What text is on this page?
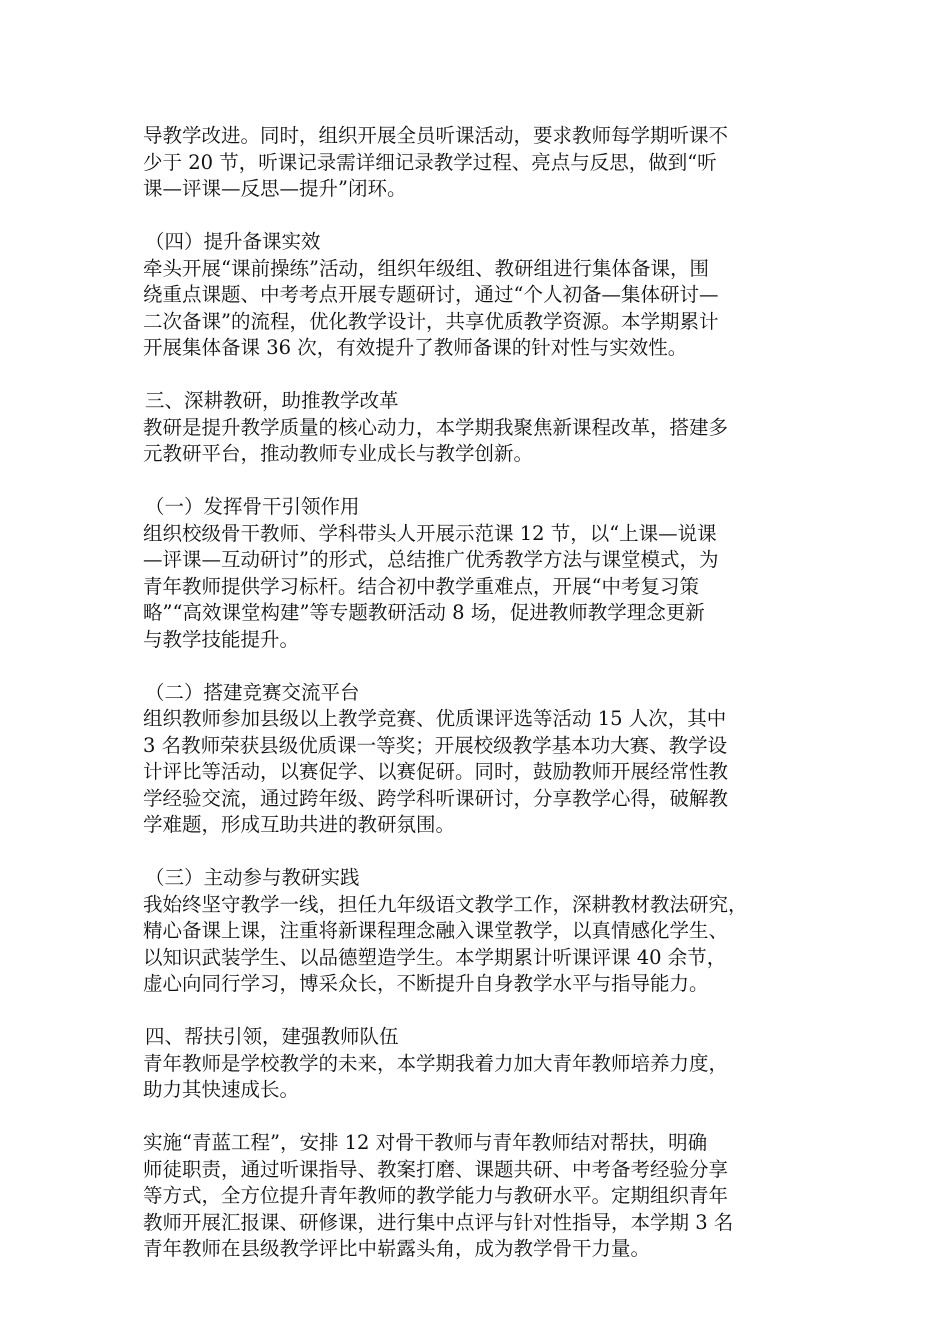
导教学改进。同时，组织开展全员听课活动，要求教师每学期听课不
少于 20 节，听课记录需详细记录教学过程、亮点与反思，做到“听
课—评课—反思—提升”闭环。
（四）提升备课实效
牵头开展“课前操练”活动，组织年级组、教研组进行集体备课，围
绕重点课题、中考考点开展专题研讨，通过“个人初备—集体研讨—
二次备课”的流程，优化教学设计，共享优质教学资源。本学期累计
开展集体备课 36 次，有效提升了教师备课的针对性与实效性。
三、深耕教研，助推教学改革
教研是提升教学质量的核心动力，本学期我聚焦新课程改革，搭建多
元教研平台，推动教师专业成长与教学创新。
（一）发挥骨干引领作用
组织校级骨干教师、学科带头人开展示范课 12 节，以“上课—说课
—评课—互动研讨”的形式，总结推广优秀教学方法与课堂模式，为
青年教师提供学习标杆。结合初中教学重难点，开展“中考复习策
略”“高效课堂构建”等专题教研活动 8 场，促进教师教学理念更新
与教学技能提升。
（二）搭建竞赛交流平台
组织教师参加县级以上教学竞赛、优质课评选等活动 15 人次，其中
3 名教师荣获县级优质课一等奖；开展校级教学基本功大赛、教学设
计评比等活动，以赛促学、以赛促研。同时，鼓励教师开展经常性教
学经验交流，通过跨年级、跨学科听课研讨，分享教学心得，破解教
学难题，形成互助共进的教研氛围。
（三）主动参与教研实践
我始终坚守教学一线，担任九年级语文教学工作，深耕教材教法研究，
精心备课上课，注重将新课程理念融入课堂教学，以真情感化学生、
以知识武装学生、以品德塑造学生。本学期累计听课评课 40 余节，
虚心向同行学习，博采众长，不断提升自身教学水平与指导能力。
四、帮扶引领，建强教师队伍
青年教师是学校教学的未来，本学期我着力加大青年教师培养力度，
助力其快速成长。
实施“青蓝工程”，安排 12 对骨干教师与青年教师结对帮扶，明确
师徒职责，通过听课指导、教案打磨、课题共研、中考备考经验分享
等方式，全方位提升青年教师的教学能力与教研水平。定期组织青年
教师开展汇报课、研修课，进行集中点评与针对性指导，本学期 3 名
青年教师在县级教学评比中崭露头角，成为教学骨干力量。
